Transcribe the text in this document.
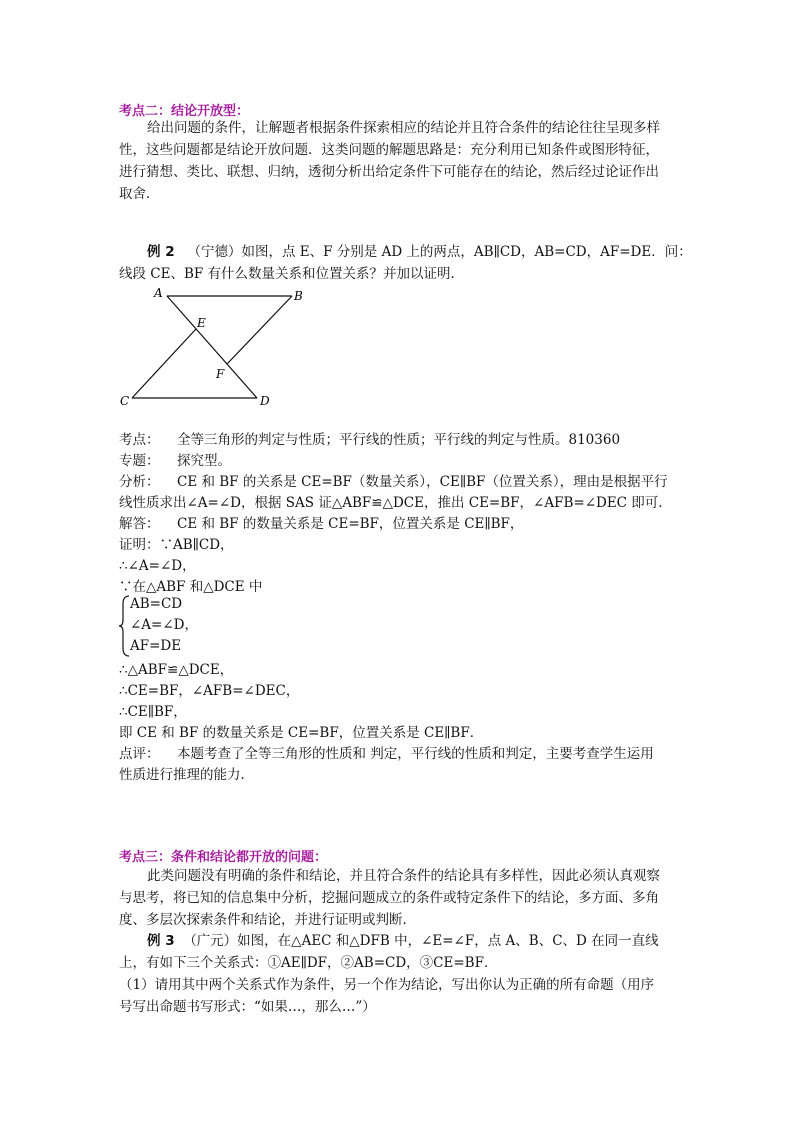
考点二：结论开放型：
给出问题的条件，让解题者根据条件探索相应的结论并且符合条件的结论往往呈现多样
性，这些问题都是结论开放问题．这类问题的解题思路是：充分利用已知条件或图形特征，
进行猜想、类比、联想、归纳，透彻分析出给定条件下可能存在的结论，然后经过论证作出
取舍．
例 2 （宁德）如图，点 E、F 分别是 AD 上的两点，AB∥CD，AB=CD，AF=DE．问：
线段 CE、BF 有什么数量关系和位置关系？并加以证明．
A	B
E
F
C	D
考点： 全等三角形的判定与性质；平行线的性质；平行线的判定与性质。810360
专题： 探究型。
分析： CE 和 BF 的关系是 CE=BF（数量关系），CE∥BF（位置关系），理由是根据平行
线性质求出∠A=∠D，根据 SAS 证△ABF≌△DCE，推出 CE=BF，∠AFB=∠DEC 即可．
解答： CE 和 BF 的数量关系是 CE=BF，位置关系是 CE∥BF，
证明：∵AB∥CD，
∴∠A=∠D，
∵在△ABF 和△DCE 中
AB=CD
∠A=∠D，
AF=DE
∴△ABF≌△DCE，
∴CE=BF，∠AFB=∠DEC，
∴CE∥BF，
即 CE 和 BF 的数量关系是 CE=BF，位置关系是 CE∥BF．
点评： 本题考查了全等三角形的性质和 判定，平行线的性质和判定，主要考查学生运用
性质进行推理的能力．
考点三：条件和结论都开放的问题：
此类问题没有明确的条件和结论，并且符合条件的结论具有多样性，因此必须认真观察
与思考，将已知的信息集中分析，挖掘问题成立的条件或特定条件下的结论，多方面、多角
度、多层次探索条件和结论，并进行证明或判断．
例 3 （广元）如图，在△AEC 和△DFB 中，∠E=∠F，点 A、B、C、D 在同一直线
上，有如下三个关系式：①AE∥DF，②AB=CD，③CE=BF．
（1）请用其中两个关系式作为条件，另一个作为结论，写出你认为正确的所有命题（用序
号写出命题书写形式：“如果…，那么…”）
